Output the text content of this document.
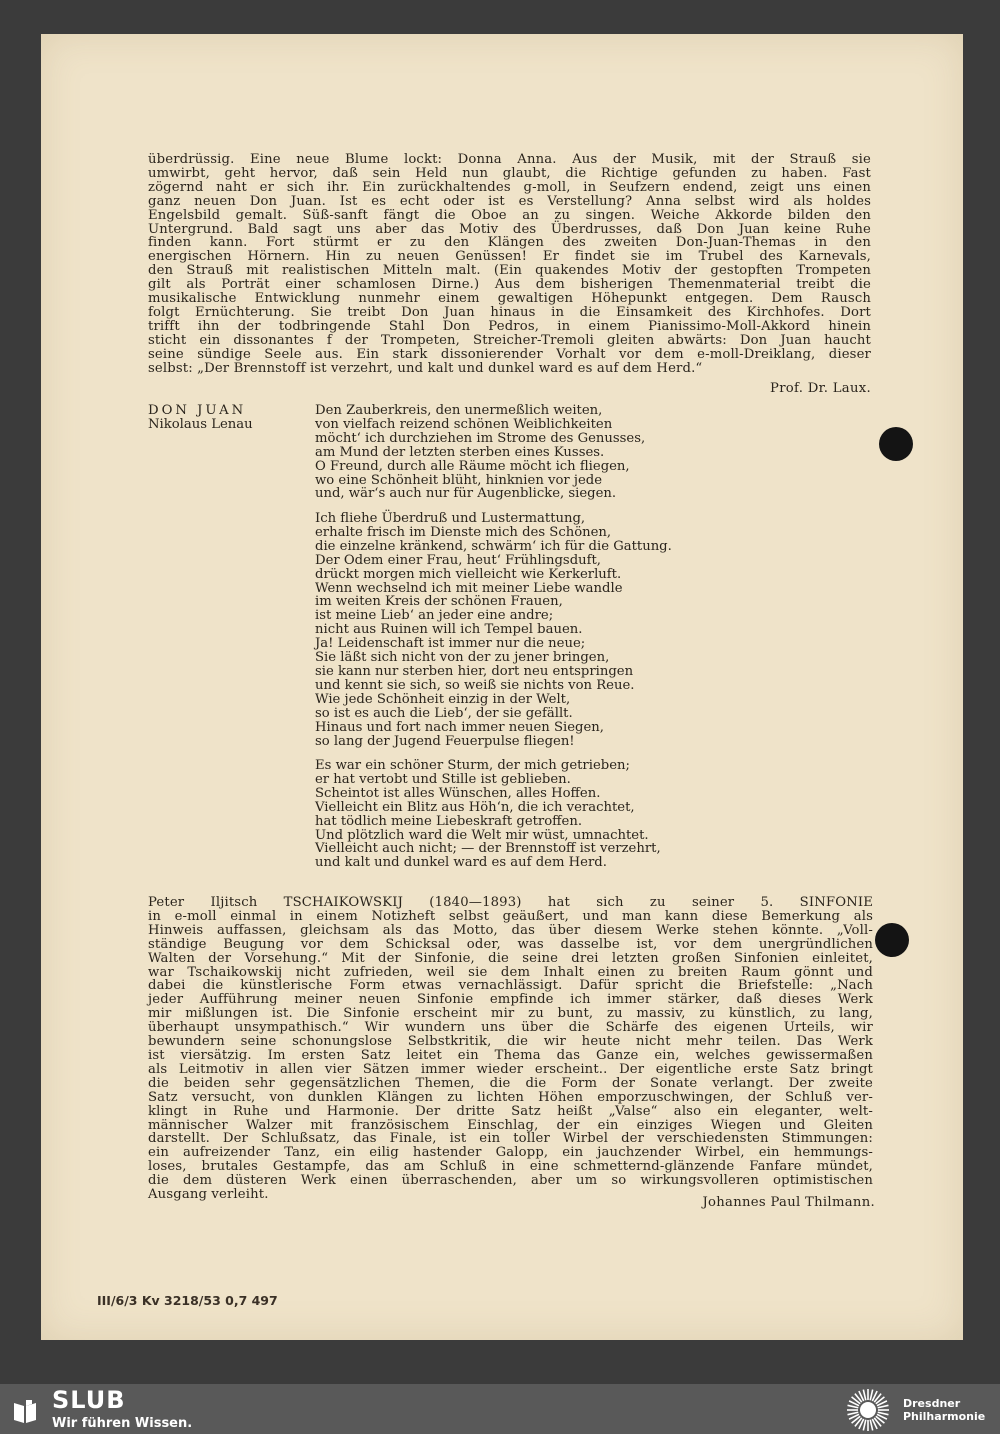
überdrüssig. Eine neue Blume lockt: Donna Anna. Aus der Musik, mit der Strauß sie
umwirbt, geht hervor, daß sein Held nun glaubt, die Richtige gefunden zu haben. Fast
zögernd naht er sich ihr. Ein zurückhaltendes g-moll, in Seufzern endend, zeigt uns einen
ganz neuen Don Juan. Ist es echt oder ist es Verstellung? Anna selbst wird als holdes
Engelsbild gemalt. Süß-sanft fängt die Oboe an zu singen. Weiche Akkorde bilden den
Untergrund. Bald sagt uns aber das Motiv des Überdrusses, daß Don Juan keine Ruhe
finden kann. Fort stürmt er zu den Klängen des zweiten Don-Juan-Themas in den
energischen Hörnern. Hin zu neuen Genüssen! Er findet sie im Trubel des Karnevals,
den Strauß mit realistischen Mitteln malt. (Ein quakendes Motiv der gestopften Trompeten
gilt als Porträt einer schamlosen Dirne.) Aus dem bisherigen Themenmaterial treibt die
musikalische Entwicklung nunmehr einem gewaltigen Höhepunkt entgegen. Dem Rausch
folgt Ernüchterung. Sie treibt Don Juan hinaus in die Einsamkeit des Kirchhofes. Dort
trifft ihn der todbringende Stahl Don Pedros, in einem Pianissimo-Moll-Akkord hinein
sticht ein dissonantes f der Trompeten, Streicher-Tremoli gleiten abwärts: Don Juan haucht
seine sündige Seele aus. Ein stark dissonierender Vorhalt vor dem e-moll-Dreiklang, dieser
selbst: „Der Brennstoff ist verzehrt, und kalt und dunkel ward es auf dem Herd.“
Prof. Dr. Laux.
DON JUAN
Nikolaus Lenau
Den Zauberkreis, den unermeßlich weiten,
von vielfach reizend schönen Weiblichkeiten
möcht‘ ich durchziehen im Strome des Genusses,
am Mund der letzten sterben eines Kusses.
O Freund, durch alle Räume möcht ich fliegen,
wo eine Schönheit blüht, hinknien vor jede
und, wär‘s auch nur für Augenblicke, siegen.
Ich fliehe Überdruß und Lustermattung,
erhalte frisch im Dienste mich des Schönen,
die einzelne kränkend, schwärm‘ ich für die Gattung.
Der Odem einer Frau, heut‘ Frühlingsduft,
drückt morgen mich vielleicht wie Kerkerluft.
Wenn wechselnd ich mit meiner Liebe wandle
im weiten Kreis der schönen Frauen,
ist meine Lieb‘ an jeder eine andre;
nicht aus Ruinen will ich Tempel bauen.
Ja! Leidenschaft ist immer nur die neue;
Sie läßt sich nicht von der zu jener bringen,
sie kann nur sterben hier, dort neu entspringen
und kennt sie sich, so weiß sie nichts von Reue.
Wie jede Schönheit einzig in der Welt,
so ist es auch die Lieb‘, der sie gefällt.
Hinaus und fort nach immer neuen Siegen,
so lang der Jugend Feuerpulse fliegen!
Es war ein schöner Sturm, der mich getrieben;
er hat vertobt und Stille ist geblieben.
Scheintot ist alles Wünschen, alles Hoffen.
Vielleicht ein Blitz aus Höh‘n, die ich verachtet,
hat tödlich meine Liebeskraft getroffen.
Und plötzlich ward die Welt mir wüst, umnachtet.
Vielleicht auch nicht; — der Brennstoff ist verzehrt,
und kalt und dunkel ward es auf dem Herd.
Peter Iljitsch TSCHAIKOWSKIJ (1840—1893) hat sich zu seiner 5. SINFONIE
in e-moll einmal in einem Notizheft selbst geäußert, und man kann diese Bemerkung als
Hinweis auffassen, gleichsam als das Motto, das über diesem Werke stehen könnte. „Voll-
ständige Beugung vor dem Schicksal oder, was dasselbe ist, vor dem unergründlichen
Walten der Vorsehung.“ Mit der Sinfonie, die seine drei letzten großen Sinfonien einleitet,
war Tschaikowskij nicht zufrieden, weil sie dem Inhalt einen zu breiten Raum gönnt und
dabei die künstlerische Form etwas vernachlässigt. Dafür spricht die Briefstelle: „Nach
jeder Aufführung meiner neuen Sinfonie empfinde ich immer stärker, daß dieses Werk
mir mißlungen ist. Die Sinfonie erscheint mir zu bunt, zu massiv, zu künstlich, zu lang,
überhaupt unsympathisch.“ Wir wundern uns über die Schärfe des eigenen Urteils, wir
bewundern seine schonungslose Selbstkritik, die wir heute nicht mehr teilen. Das Werk
ist viersätzig. Im ersten Satz leitet ein Thema das Ganze ein, welches gewissermaßen
als Leitmotiv in allen vier Sätzen immer wieder erscheint.. Der eigentliche erste Satz bringt
die beiden sehr gegensätzlichen Themen, die die Form der Sonate verlangt. Der zweite
Satz versucht, von dunklen Klängen zu lichten Höhen emporzuschwingen, der Schluß ver-
klingt in Ruhe und Harmonie. Der dritte Satz heißt „Valse“ also ein eleganter, welt-
männischer Walzer mit französischem Einschlag, der ein einziges Wiegen und Gleiten
darstellt. Der Schlußsatz, das Finale, ist ein toller Wirbel der verschiedensten Stimmungen:
ein aufreizender Tanz, ein eilig hastender Galopp, ein jauchzender Wirbel, ein hemmungs-
loses, brutales Gestampfe, das am Schluß in eine schmetternd-glänzende Fanfare mündet,
die dem düsteren Werk einen überraschenden, aber um so wirkungsvolleren optimistischen
Ausgang verleiht.
Johannes Paul Thilmann.
III/6/3 Kv 3218/53 0,7 497
SLUB
Wir führen Wissen.
Dresdner
Philharmonie
